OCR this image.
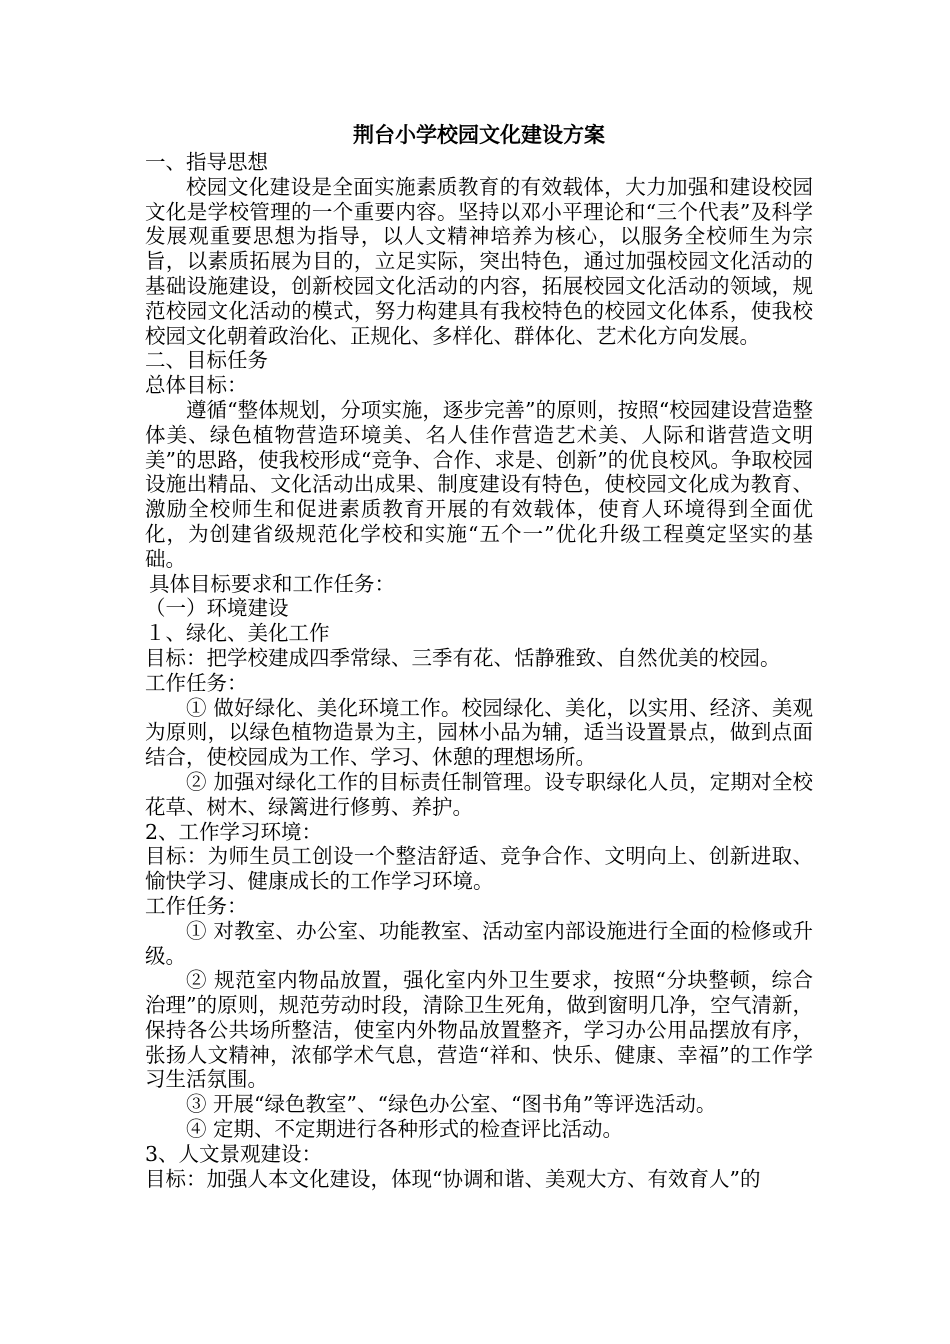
荆台小学校园文化建设方案

一、指导思想

校园文化建设是全面实施素质教育的有效载体，大力加强和建设校园文化是学校管理的一个重要内容。坚持以邓小平理论和“三个代表”及科学发展观重要思想为指导，以人文精神培养为核心，以服务全校师生为宗旨，以素质拓展为目的，立足实际，突出特色，通过加强校园文化活动的基础设施建设，创新校园文化活动的内容，拓展校园文化活动的领域，规范校园文化活动的模式，努力构建具有我校特色的校园文化体系，使我校校园文化朝着政治化、正规化、多样化、群体化、艺术化方向发展。

二、目标任务

总体目标：

遵循“整体规划，分项实施，逐步完善”的原则，按照“校园建设营造整体美、绿色植物营造环境美、名人佳作营造艺术美、人际和谐营造文明美”的思路，使我校形成“竞争、合作、求是、创新”的优良校风。争取校园设施出精品、文化活动出成果、制度建设有特色，使校园文化成为教育、激励全校师生和促进素质教育开展的有效载体，使育人环境得到全面优化，为创建省级规范化学校和实施“五个一”优化升级工程奠定坚实的基础。

具体目标要求和工作任务：

（一）环境建设

１、绿化、美化工作

目标：把学校建成四季常绿、三季有花、恬静雅致、自然优美的校园。

工作任务：

① 做好绿化、美化环境工作。校园绿化、美化，以实用、经济、美观为原则，以绿色植物造景为主，园林小品为辅，适当设置景点，做到点面结合，使校园成为工作、学习、休憩的理想场所。

② 加强对绿化工作的目标责任制管理。设专职绿化人员，定期对全校花草、树木、绿篱进行修剪、养护。

2、工作学习环境：

目标：为师生员工创设一个整洁舒适、竞争合作、文明向上、创新进取、愉快学习、健康成长的工作学习环境。

工作任务：

① 对教室、办公室、功能教室、活动室内部设施进行全面的检修或升级。

② 规范室内物品放置，强化室内外卫生要求，按照“分块整顿，综合治理”的原则，规范劳动时段，清除卫生死角，做到窗明几净，空气清新，保持各公共场所整洁，使室内外物品放置整齐，学习办公用品摆放有序，张扬人文精神，浓郁学术气息，营造“祥和、快乐、健康、幸福”的工作学习生活氛围。

③ 开展“绿色教室”、“绿色办公室、“图书角”等评选活动。

④ 定期、不定期进行各种形式的检查评比活动。

3、人文景观建设：

目标：加强人本文化建设，体现“协调和谐、美观大方、有效育人”的
